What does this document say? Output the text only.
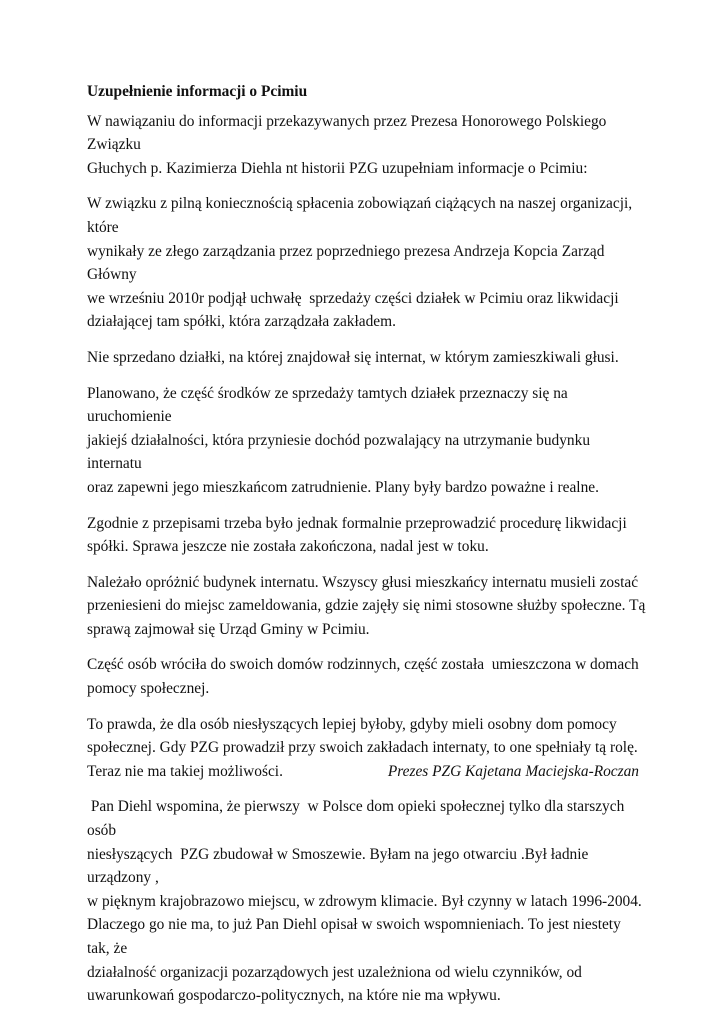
Uzupełnienie informacji o Pcimiu

W nawiązaniu do informacji przekazywanych przez Prezesa Honorowego Polskiego Związku
Głuchych p. Kazimierza Diehla nt historii PZG uzupełniam informacje o Pcimiu:

W związku z pilną koniecznością spłacenia zobowiązań ciążących na naszej organizacji, które
wynikały ze złego zarządzania przez poprzedniego prezesa Andrzeja Kopcia Zarząd Główny
we wrześniu 2010r podjął uchwałę  sprzedaży części działek w Pcimiu oraz likwidacji
działającej tam spółki, która zarządzała zakładem.

Nie sprzedano działki, na której znajdował się internat, w którym zamieszkiwali głusi.

Planowano, że część środków ze sprzedaży tamtych działek przeznaczy się na uruchomienie
jakiejś działalności, która przyniesie dochód pozwalający na utrzymanie budynku internatu
oraz zapewni jego mieszkańcom zatrudnienie. Plany były bardzo poważne i realne.

Zgodnie z przepisami trzeba było jednak formalnie przeprowadzić procedurę likwidacji
spółki. Sprawa jeszcze nie została zakończona, nadal jest w toku.

Należało opróżnić budynek internatu. Wszyscy głusi mieszkańcy internatu musieli zostać
przeniesieni do miejsc zameldowania, gdzie zajęły się nimi stosowne służby społeczne. Tą
sprawą zajmował się Urząd Gminy w Pcimiu.

Część osób wróciła do swoich domów rodzinnych, część została  umieszczona w domach
pomocy społecznej.

To prawda, że dla osób niesłyszących lepiej byłoby, gdyby mieli osobny dom pomocy
społecznej. Gdy PZG prowadził przy swoich zakładach internaty, to one spełniały tą rolę.
Teraz nie ma takiej możliwości.

Pan Diehl wspomina, że pierwszy  w Polsce dom opieki społecznej tylko dla starszych  osób
niesłyszących  PZG zbudował w Smoszewie. Byłam na jego otwarciu .Był ładnie urządzony ,
w pięknym krajobrazowo miejscu, w zdrowym klimacie. Był czynny w latach 1996-2004.
Dlaczego go nie ma, to już Pan Diehl opisał w swoich wspomnieniach. To jest niestety tak, że
działalność organizacji pozarządowych jest uzależniona od wielu czynników, od
uwarunkowań gospodarczo-politycznych, na które nie ma wpływu.

Prezes PZG Kajetana Maciejska-Roczan
